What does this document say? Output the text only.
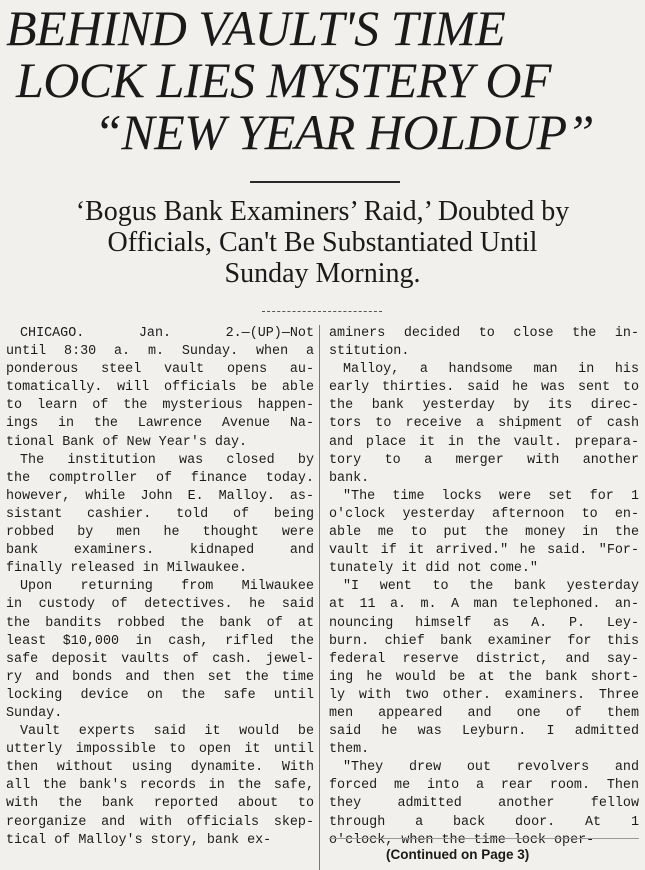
BEHIND VAULT'S TIME
LOCK LIES MYSTERY OF
“NEW YEAR HOLDUP”
‘Bogus Bank Examiners’ Raid,’ Doubted by
Officials, Can't Be Substantiated Until
Sunday Morning.
CHICAGO. Jan. 2.—(UP)—Not
until 8:30 a. m. Sunday. when a
ponderous steel vault opens au-
tomatically. will officials be able
to learn of the mysterious happen-
ings in the Lawrence Avenue Na-
tional Bank of New Year's day.
The institution was closed by
the comptroller of finance today.
however, while John E. Malloy. as-
sistant cashier. told of being
robbed by men he thought were
bank examiners. kidnaped and
finally released in Milwaukee.
Upon returning from Milwaukee
in custody of detectives. he said
the bandits robbed the bank of at
least $10,000 in cash, rifled the
safe deposit vaults of cash. jewel-
ry and bonds and then set the time
locking device on the safe until
Sunday.
Vault experts said it would be
utterly impossible to open it until
then without using dynamite. With
all the bank's records in the safe,
with the bank reported about to
reorganize and with officials skep-
tical of Malloy's story, bank ex-
aminers decided to close the in-
stitution.
Malloy, a handsome man in his
early thirties. said he was sent to
the bank yesterday by its direc-
tors to receive a shipment of cash
and place it in the vault. prepara-
tory to a merger with another
bank.
"The time locks were set for 1
o'clock yesterday afternoon to en-
able me to put the money in the
vault if it arrived." he said. "For-
tunately it did not come."
"I went to the bank yesterday
at 11 a. m. A man telephoned. an-
nouncing himself as A. P. Ley-
burn. chief bank examiner for this
federal reserve district, and say-
ing he would be at the bank short-
ly with two other. examiners. Three
men appeared and one of them
said he was Leyburn. I admitted
them.
"They drew out revolvers and
forced me into a rear room. Then
they admitted another fellow
through a back door. At 1
o'clock, when the time lock oper-
(Continued on Page 3)
